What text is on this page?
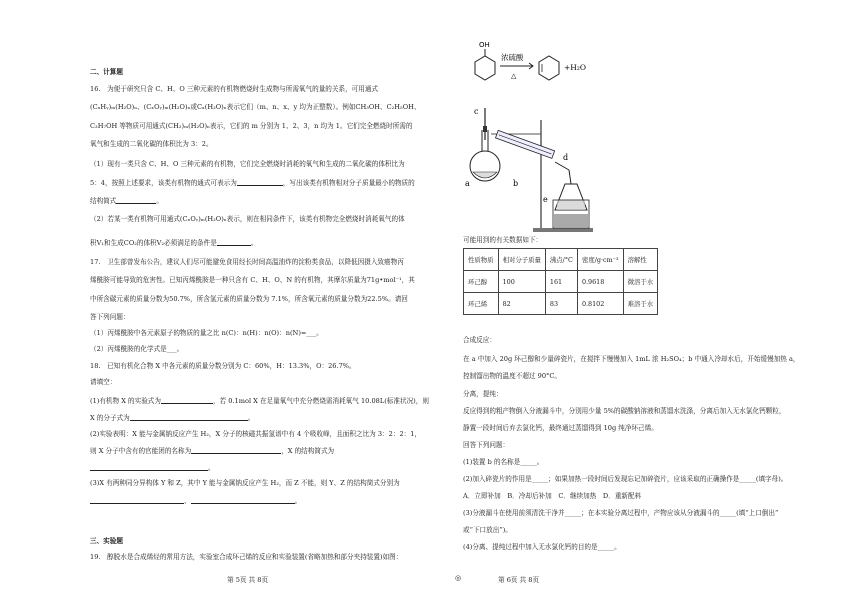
二、计算题
16.　为便于研究只含 C、H、O 三种元素的有机物燃烧时生成物与所需氧气的量的关系，可用通式
(CₓHᵧ)ₘ(H₂O)ₙ、(CₓOᵧ)ₘ(H₂O)ₙ或Cₓ(H₂O)ₙ表示它们（m、n、x、y 均为正整数）。例如CH₃OH、C₂H₅OH、
C₃H₇OH 等物质可用通式(CH₂)ₘ(H₂O)ₙ表示，它们的 m 分别为 1、2、3，n 均为 1。它们完全燃烧时所需的
氧气和生成的二氧化碳的体积比为 3：2。
（1）现有一类只含 C、H、O 三种元素的有机物，它们完全燃烧时消耗的氧气和生成的二氧化碳的体积比为
5：4，按照上述要求，该类有机物的通式可表示为	，写出该类有机物相对分子质量最小的物质的
结构简式	。
（2）若某一类有机物可用通式(CₓOᵧ)ₘ(H₂O)ₙ表示，则在相同条件下，该类有机物完全燃烧时消耗氧气的体
积V₁和生成CO₂的体积V₂必须满足的条件是	。
17.　卫生部曾发布公告，建议人们尽可能避免食用经长时间高温油炸的淀粉类食品，以降低因摄入致癌物丙
烯酰胺可能导致的危害性。已知丙烯酰胺是一种只含有 C、H、O、N 的有机物，其摩尔质量为71g•mol⁻¹，其
中所含碳元素的质量分数为50.7%，所含氢元素的质量分数为 7.1%，所含氧元素的质量分数为22.5%。请回
答下列问题：
（1）丙烯酰胺中各元素原子的物质的量之比 n(C)：n(H)：n(O)：n(N)=___。
（2）丙烯酰胺的化学式是___。
18.　已知有机化合物 X 中各元素的质量分数分别为 C：60%，H：13.3%，O：26.7%。
请填空：
(1)有机物 X 的实验式为	，若 0.1mol X 在足量氧气中充分燃烧需消耗氧气 10.08L(标准状况)，则
X 的分子式为	。
(2)实验表明：X 能与金属钠反应产生 H₂，X 分子的核磁共振氢谱中有 4 个吸收峰，且面积之比为 3：2：2：1，
则 X 分子中含有的官能团的名称为	，X 的结构简式为
。
(3)X 有两种同分异构体 Y 和 Z，其中 Y 能与金属钠反应产生 H₂，而 Z 不能，则 Y、Z 的结构简式分别为
、	。
三、实验题
19.　醇脱水是合成烯烃的常用方法，实验室合成环己烯的反应和实验装置(省略加热和部分夹持装置)如图：
第 5页 共 8页	◎
OH
浓硫酸
△
+H₂O
c
b
a
d
e
可能用到的有关数据如下：
性质物质	相对分子质量	沸点/°C	密度/g·cm⁻³	溶解性
环己醇	100	161	0.9618	微溶于水
环己烯	82	83	0.8102	难溶于水
合成反应：
在 a 中加入 20g 环己醇和少量碎瓷片，在搅拌下慢慢加入 1mL 浓 H₂SO₄；b 中通入冷却水后，开始缓慢加热 a，
控制馏出物的温度不超过 90°C。
分离，提纯：
反应得到的粗产物倒入分液漏斗中，分别用少量 5%的碳酸钠溶液和蒸馏水洗涤，分离后加入无水氯化钙颗粒，
静置一段时间后弃去氯化钙，最终通过蒸馏得到 10g 纯净环己烯。
回答下列问题：
(1)装置 b 的名称是_____。
(2)加入碎瓷片的作用是_____；如果加热一段时间后发现忘记加碎瓷片，应该采取的正确操作是_____(填字母)。
A．立即补加　B．冷却后补加　C．继续加热　D．重新配料
(3)分液漏斗在使用前须清洗干净并_____；在本实验分离过程中，产物应该从分液漏斗的_____(填“上口倒出”
或“下口放出”)。
(4)分离、提纯过程中加入无水氯化钙的目的是_____。
第 6页 共 8页
